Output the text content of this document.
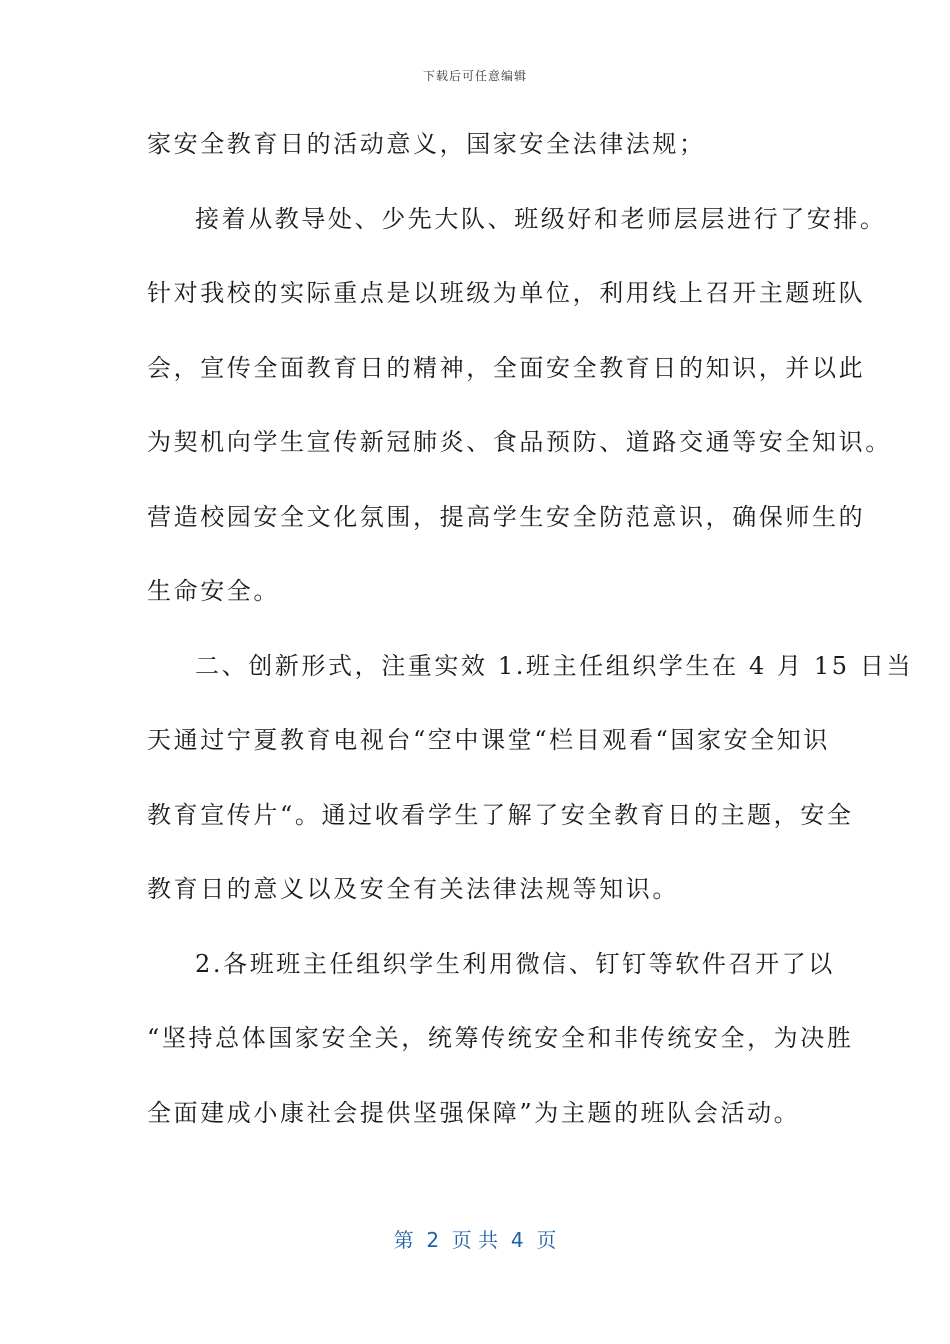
下载后可任意编辑
家安全教育日的活动意义，国家安全法律法规；
接着从教导处、少先大队、班级好和老师层层进行了安排。
针对我校的实际重点是以班级为单位，利用线上召开主题班队
会，宣传全面教育日的精神，全面安全教育日的知识，并以此
为契机向学生宣传新冠肺炎、食品预防、道路交通等安全知识。
营造校园安全文化氛围，提高学生安全防范意识，确保师生的
生命安全。
二、创新形式，注重实效 1.班主任组织学生在 4 月 15 日当
天通过宁夏教育电视台“空中课堂“栏目观看“国家安全知识
教育宣传片“。通过收看学生了解了安全教育日的主题，安全
教育日的意义以及安全有关法律法规等知识。
2.各班班主任组织学生利用微信、钉钉等软件召开了以
“坚持总体国家安全关，统筹传统安全和非传统安全，为决胜
全面建成小康社会提供坚强保障”为主题的班队会活动。
第  2  页 共  4  页
